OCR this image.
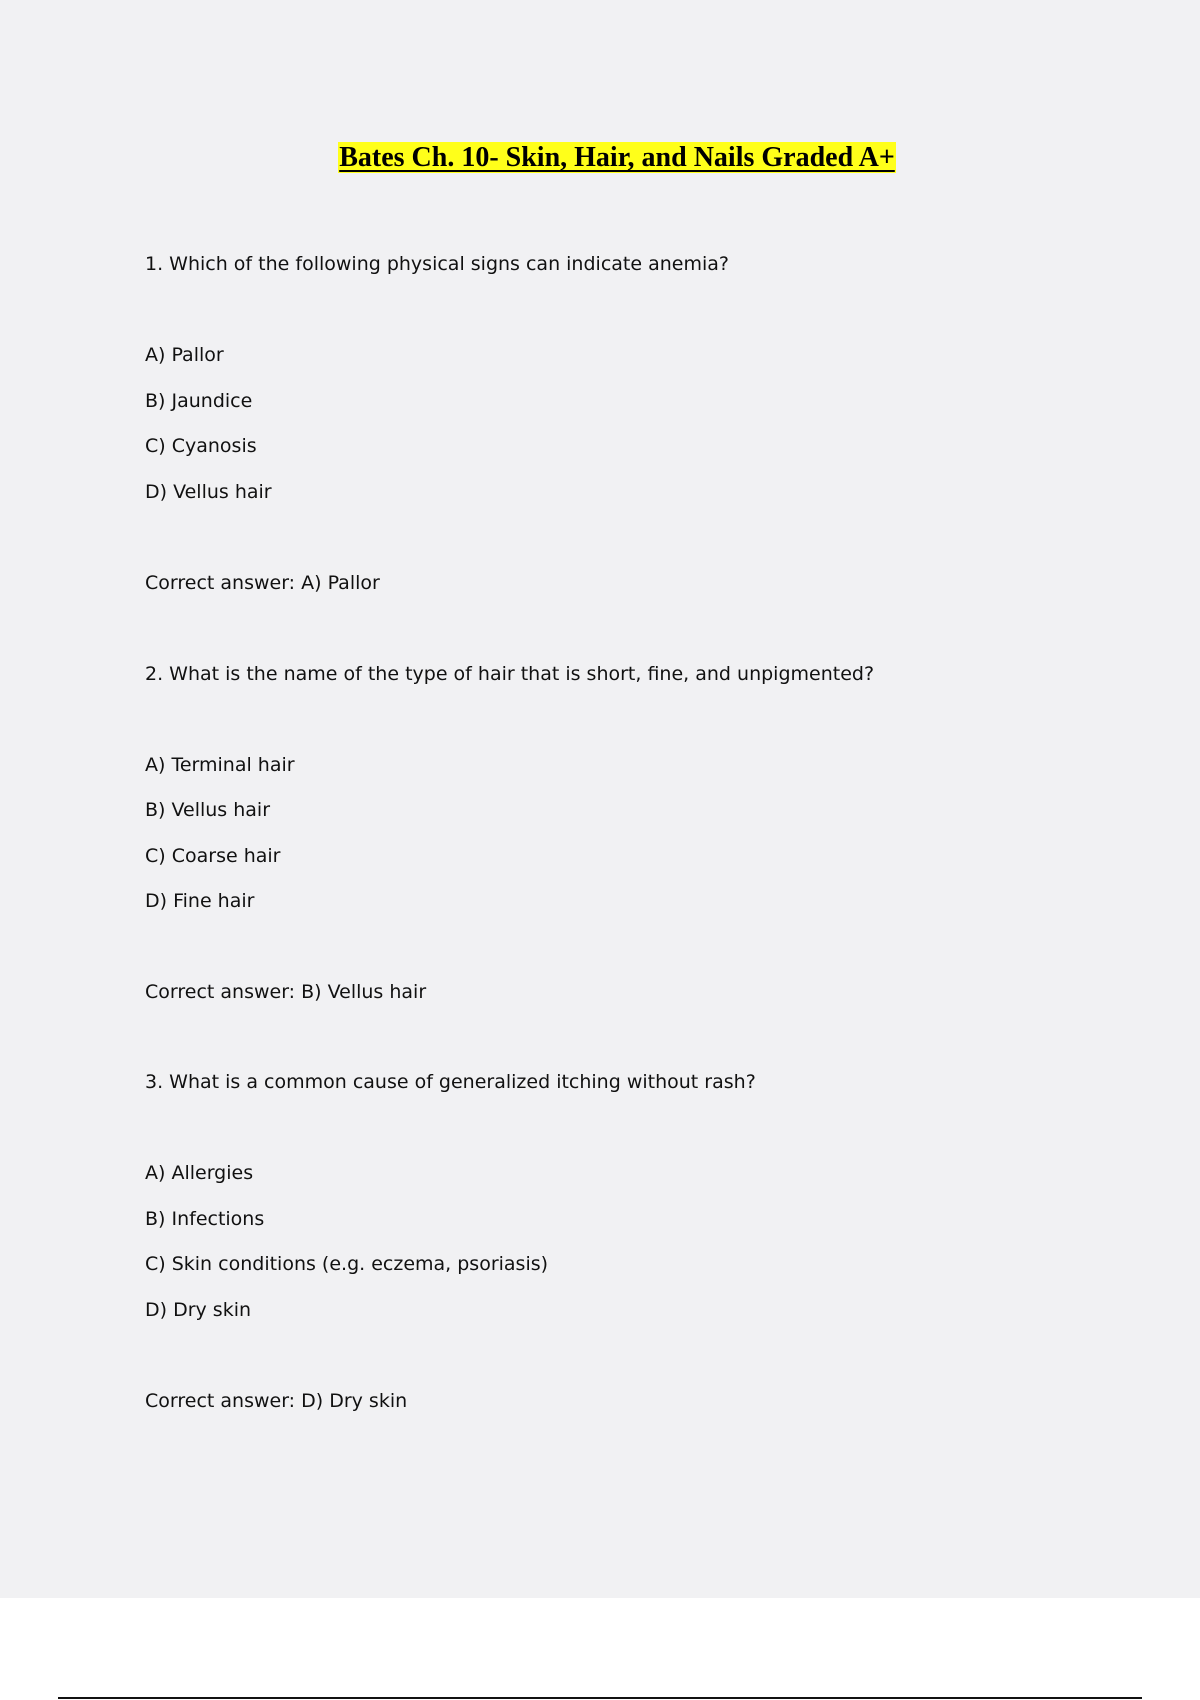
Bates Ch. 10- Skin, Hair, and Nails Graded A+
1. Which of the following physical signs can indicate anemia?
A) Pallor
B) Jaundice
C) Cyanosis
D) Vellus hair
Correct answer: A) Pallor
2. What is the name of the type of hair that is short, fine, and unpigmented?
A) Terminal hair
B) Vellus hair
C) Coarse hair
D) Fine hair
Correct answer: B) Vellus hair
3. What is a common cause of generalized itching without rash?
A) Allergies
B) Infections
C) Skin conditions (e.g. eczema, psoriasis)
D) Dry skin
Correct answer: D) Dry skin
